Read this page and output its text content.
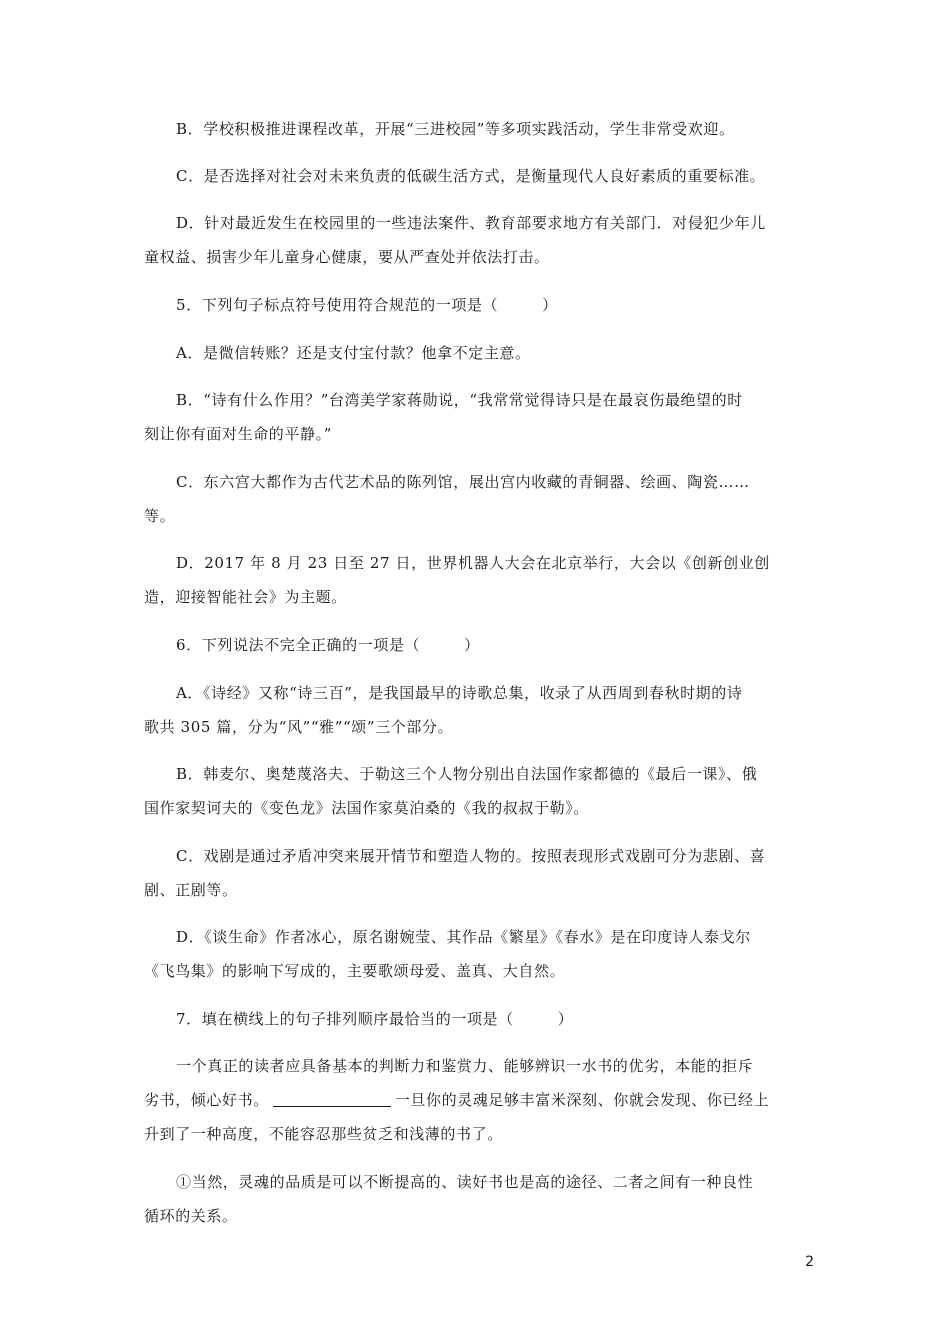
B．学校积极推进课程改革，开展“三进校园”等多项实践活动，学生非常受欢迎。
C．是否选择对社会对未来负责的低碳生活方式，是衡量现代人良好素质的重要标准。
D．针对最近发生在校园里的一些违法案件、教育部要求地方有关部门．对侵犯少年儿
童权益、损害少年儿童身心健康，要从严查处并依法打击。
5．下列句子标点符号使用符合规范的一项是（	）
A．是微信转账？还是支付宝付款？他拿不定主意。
B．“诗有什么作用？”台湾美学家蒋勋说，“我常常觉得诗只是在最哀伤最绝望的时
刻让你有面对生命的平静。”
C．东六宫大都作为古代艺术品的陈列馆，展出宫内收藏的青铜器、绘画、陶瓷……
等。
D．2017 年 8 月 23 日至 27 日，世界机器人大会在北京举行，大会以《创新创业创
造，迎接智能社会》为主题。
6．下列说法不完全正确的一项是（	）
A．《诗经》又称“诗三百”，是我国最早的诗歌总集，收录了从西周到春秋时期的诗
歌共 305 篇，分为“风”“雅”“颂”三个部分。
B．韩麦尔、奥楚蔑洛夫、于勒这三个人物分别出自法国作家都德的《最后一课》、俄
国作家契诃夫的《变色龙》法国作家莫泊桑的《我的叔叔于勒》。
C．戏剧是通过矛盾冲突来展开情节和塑造人物的。按照表现形式戏剧可分为悲剧、喜
剧、正剧等。
D．《谈生命》作者冰心，原名谢婉莹、其作品《繁星》《春水》是在印度诗人泰戈尔
《飞鸟集》的影响下写成的，主要歌颂母爱、盖真、大自然。
7．填在横线上的句子排列顺序最恰当的一项是（	）
一个真正的读者应具备基本的判断力和鉴赏力、能够辨识一水书的优劣，本能的拒斥
劣书，倾心好书。	一旦你的灵魂足够丰富米深刻、你就会发现、你已经上
升到了一种高度，不能容忍那些贫乏和浅薄的书了。
①当然，灵魂的品质是可以不断提高的、读好书也是高的途径、二者之间有一种良性
循环的关系。
2
